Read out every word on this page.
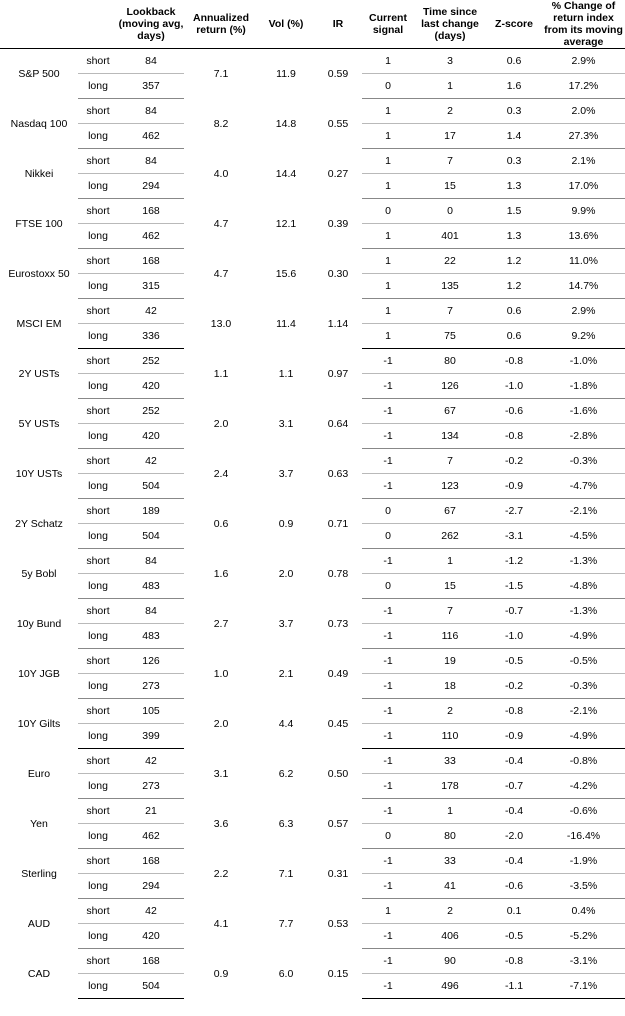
		Lookback (moving avg, days)	Annualized return (%)	Vol (%)	IR	Current signal	Time since last change (days)	Z-score	% Change of return index from its moving average
S&P 500	short	84	7.1	11.9	0.59	1	3	0.6	2.9%
	long	357				0	1	1.6	17.2%
Nasdaq 100	short	84	8.2	14.8	0.55	1	2	0.3	2.0%
	long	462				1	17	1.4	27.3%
Nikkei	short	84	4.0	14.4	0.27	1	7	0.3	2.1%
	long	294				1	15	1.3	17.0%
FTSE 100	short	168	4.7	12.1	0.39	0	0	1.5	9.9%
	long	462				1	401	1.3	13.6%
Eurostoxx 50	short	168	4.7	15.6	0.30	1	22	1.2	11.0%
	long	315				1	135	1.2	14.7%
MSCI EM	short	42	13.0	11.4	1.14	1	7	0.6	2.9%
	long	336				1	75	0.6	9.2%
2Y USTs	short	252	1.1	1.1	0.97	-1	80	-0.8	-1.0%
	long	420				-1	126	-1.0	-1.8%
5Y USTs	short	252	2.0	3.1	0.64	-1	67	-0.6	-1.6%
	long	420				-1	134	-0.8	-2.8%
10Y USTs	short	42	2.4	3.7	0.63	-1	7	-0.2	-0.3%
	long	504				-1	123	-0.9	-4.7%
2Y Schatz	short	189	0.6	0.9	0.71	0	67	-2.7	-2.1%
	long	504				0	262	-3.1	-4.5%
5y Bobl	short	84	1.6	2.0	0.78	-1	1	-1.2	-1.3%
	long	483				0	15	-1.5	-4.8%
10y Bund	short	84	2.7	3.7	0.73	-1	7	-0.7	-1.3%
	long	483				-1	116	-1.0	-4.9%
10Y JGB	short	126	1.0	2.1	0.49	-1	19	-0.5	-0.5%
	long	273				-1	18	-0.2	-0.3%
10Y Gilts	short	105	2.0	4.4	0.45	-1	2	-0.8	-2.1%
	long	399				-1	110	-0.9	-4.9%
Euro	short	42	3.1	6.2	0.50	-1	33	-0.4	-0.8%
	long	273				-1	178	-0.7	-4.2%
Yen	short	21	3.6	6.3	0.57	-1	1	-0.4	-0.6%
	long	462				0	80	-2.0	-16.4%
Sterling	short	168	2.2	7.1	0.31	-1	33	-0.4	-1.9%
	long	294				-1	41	-0.6	-3.5%
AUD	short	42	4.1	7.7	0.53	1	2	0.1	0.4%
	long	420				-1	406	-0.5	-5.2%
CAD	short	168	0.9	6.0	0.15	-1	90	-0.8	-3.1%
	long	504				-1	496	-1.1	-7.1%
